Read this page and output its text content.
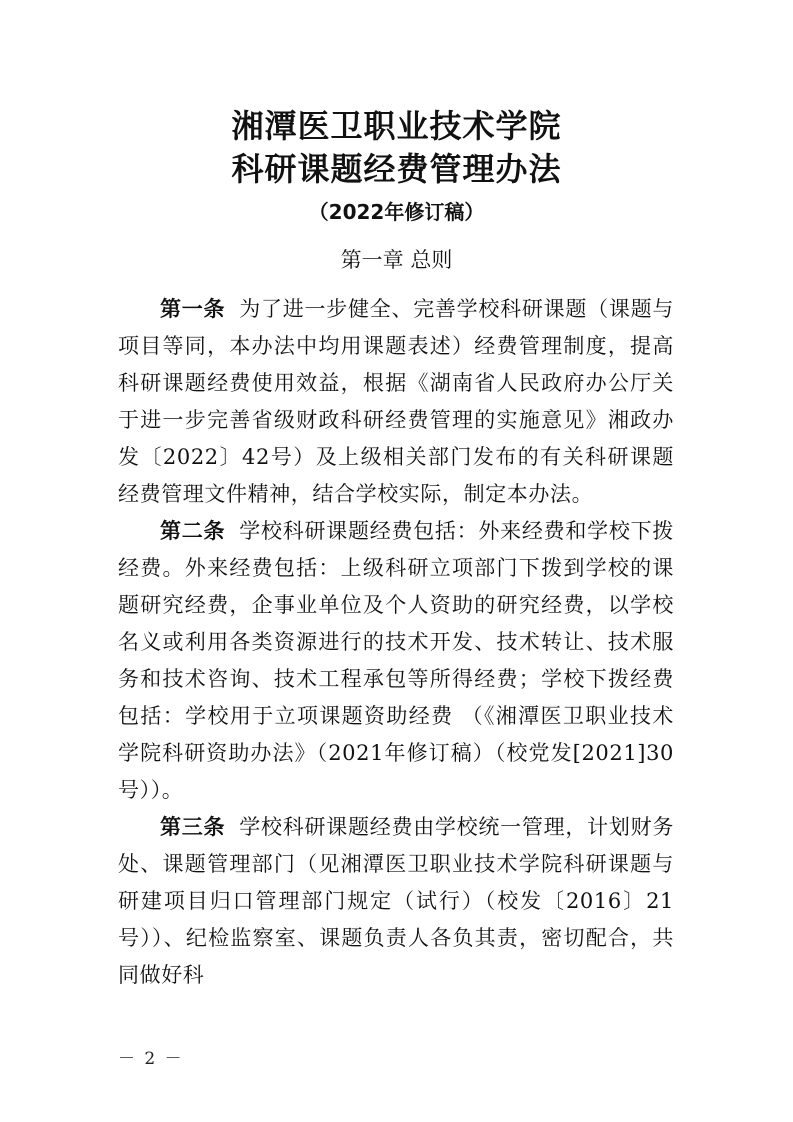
湘潭医卫职业技术学院
科研课题经费管理办法
（2022年修订稿）
第一章 总则

第一条 为了进一步健全、完善学校科研课题（课题与项目等同，本办法中均用课题表述）经费管理制度，提高科研课题经费使用效益，根据《湖南省人民政府办公厅关于进一步完善省级财政科研经费管理的实施意见》湘政办发〔2022〕42号）及上级相关部门发布的有关科研课题经费管理文件精神，结合学校实际，制定本办法。

第二条 学校科研课题经费包括：外来经费和学校下拨经费。外来经费包括：上级科研立项部门下拨到学校的课题研究经费，企事业单位及个人资助的研究经费，以学校名义或利用各类资源进行的技术开发、技术转让、技术服务和技术咨询、技术工程承包等所得经费；学校下拨经费包括：学校用于立项课题资助经费 （《湘潭医卫职业技术学院科研资助办法》（2021年修订稿）（校党发[2021]30号））。

第三条 学校科研课题经费由学校统一管理，计划财务处、课题管理部门（见湘潭医卫职业技术学院科研课题与研建项目归口管理部门规定（试行）（校发〔2016〕21号））、纪检监察室、课题负责人各负其责，密切配合，共同做好科

－ 2 －
